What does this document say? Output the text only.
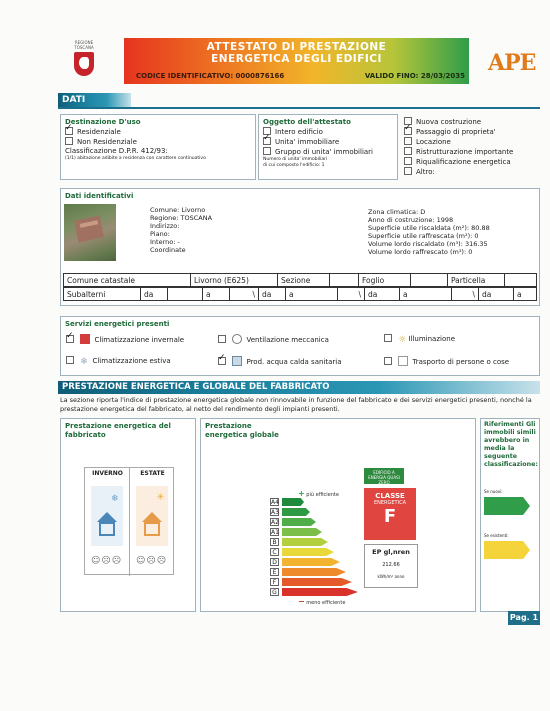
REGIONE
TOSCANA	ATTESTATO DI PRESTAZIONE
ENERGETICA DEGLI EDIFICI
CODICE IDENTIFICATIVO: 0000876166	VALIDO FINO: 28/03/2035 APE
DATI
Destinazione D'uso
✓Residenziale
Non Residenziale
Classificazione D.P.R. 412/93:
(1/1) abitazione adibite a residenza con carattere continuativo
Oggetto dell'attestato
Intero edificio
✓Unita' immobiliare
Gruppo di unita' immobiliari
Numero di unita' immobiliari
di cui composto l'edificio: 1
Nuova costruzione
✓Passaggio di proprieta'
Locazione
Ristrutturazione importante
Riqualificazione energetica
Altro:
Dati identificativi
Comune: Livorno
Regione: TOSCANA
Indirizzo:
Piano:
Interno: -
Coordinate
Zona climatica: D
Anno di costruzione: 1998
Superficie utile riscaldata (m²): 80.88
Superficie utile raffrescata (m²): 0
Volume lordo riscaldato (m³): 316.35
Volume lordo raffrescato (m³): 0
Comune catastale	Livorno (E625)	Sezione		Foglio		Particella	
Subalterni	da		a	\	da	a	\	da	a	\	da	a
Servizi energetici presenti
✓  Climatizzazione invernale	Ventilazione meccanica	☼ Illuminazione
❄ Climatizzazione estiva
✓	Prod. acqua calda sanitaria	Trasporto di persone o cose
PRESTAZIONE ENERGETICA E GLOBALE DEL FABBRICATO
La sezione riporta l'indice di prestazione energetica globale non rinnovabile in funzione del fabbricato e dei servizi energetici presenti, nonché la prestazione energetica del fabbricato, al netto del rendimento degli impianti presenti.
Prestazione energetica del fabbricato
INVERNO	ESTATE
❄	☀
☺☹☹ ☺☹☹
Prestazione energetica globale
+ più efficiente
A4
A3
A2
A1
B
C
D
E
F
G
− meno efficiente
EDIFICIO A ENERGIA QUASI ZERO
CLASSE
ENERGETICA
F
EP gl,nren
212.66
kWh/m² anno
Riferimenti Gli immobili simili avrebbero in media la seguente classificazione:
Se nuovi:
Se esistenti:
Pag. 1
